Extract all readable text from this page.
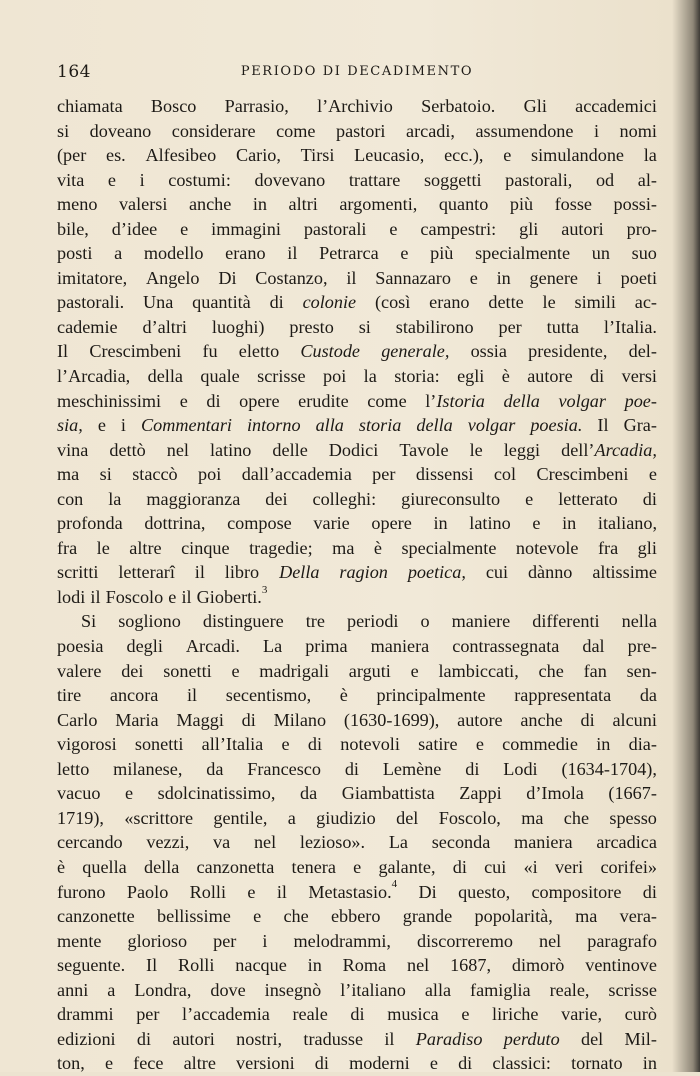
164	PERIODO DI DECADIMENTO
chiamata Bosco Parrasio, l’Archivio Serbatoio. Gli accademici
si doveano considerare come pastori arcadi, assumendone i nomi
(per es. Alfesibeo Cario, Tirsi Leucasio, ecc.), e simulandone la
vita e i costumi: dovevano trattare soggetti pastorali, od al-
meno valersi anche in altri argomenti, quanto più fosse possi-
bile, d’idee e immagini pastorali e campestri: gli autori pro-
posti a modello erano il Petrarca e più specialmente un suo
imitatore, Angelo Di Costanzo, il Sannazaro e in genere i poeti
pastorali. Una quantità di colonie (così erano dette le simili ac-
cademie d’altri luoghi) presto si stabilirono per tutta l’Italia.
Il Crescimbeni fu eletto Custode generale, ossia presidente, del-
l’Arcadia, della quale scrisse poi la storia: egli è autore di versi
meschinissimi e di opere erudite come l’Istoria della volgar poe-
sia, e i Commentari intorno alla storia della volgar poesia. Il Gra-
vina dettò nel latino delle Dodici Tavole le leggi dell’Arcadia,
ma si staccò poi dall’accademia per dissensi col Crescimbeni e
con la maggioranza dei colleghi: giureconsulto e letterato di
profonda dottrina, compose varie opere in latino e in italiano,
fra le altre cinque tragedie; ma è specialmente notevole fra gli
scritti letterarî il libro Della ragion poetica, cui dànno altissime
lodi il Foscolo e il Gioberti.$^3$
Si sogliono distinguere tre periodi o maniere differenti nella
poesia degli Arcadi. La prima maniera contrassegnata dal pre-
valere dei sonetti e madrigali arguti e lambiccati, che fan sen-
tire ancora il secentismo, è principalmente rappresentata da
Carlo Maria Maggi di Milano (1630-1699), autore anche di alcuni
vigorosi sonetti all’Italia e di notevoli satire e commedie in dia-
letto milanese, da Francesco di Lemène di Lodi (1634-1704),
vacuo e sdolcinatissimo, da Giambattista Zappi d’Imola (1667-
1719), «scrittore gentile, a giudizio del Foscolo, ma che spesso
cercando vezzi, va nel lezioso». La seconda maniera arcadica
è quella della canzonetta tenera e galante, di cui «i veri corifei»
furono Paolo Rolli e il Metastasio.$^4$ Di questo, compositore di
canzonette bellissime e che ebbero grande popolarità, ma vera-
mente glorioso per i melodrammi, discorreremo nel paragrafo
seguente. Il Rolli nacque in Roma nel 1687, dimorò ventinove
anni a Londra, dove insegnò l’italiano alla famiglia reale, scrisse
drammi per l’accademia reale di musica e liriche varie, curò
edizioni di autori nostri, tradusse il Paradiso perduto del Mil-
ton, e fece altre versioni di moderni e di classici: tornato in
